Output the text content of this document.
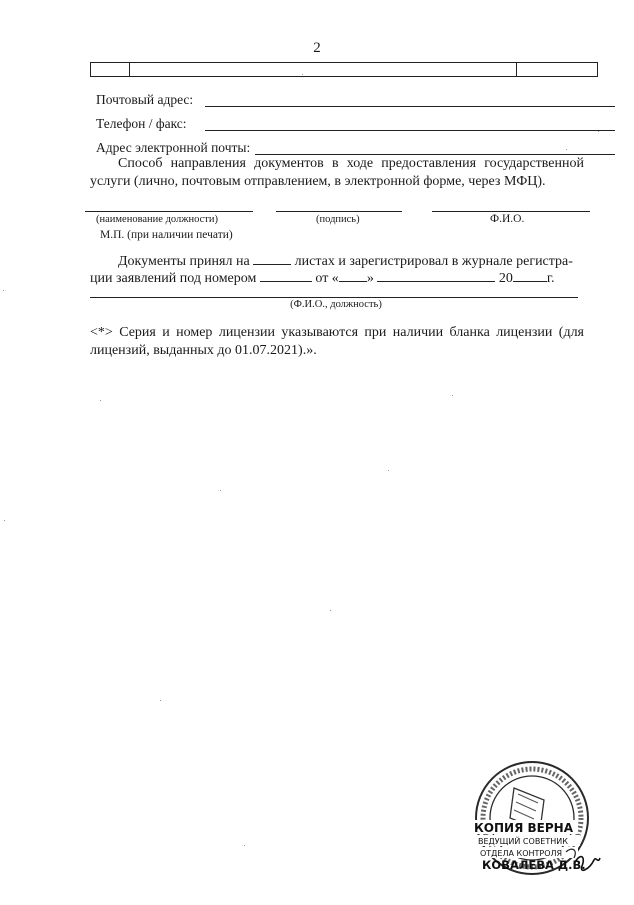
2
Почтовый адрес:
Телефон / факс:
Адрес электронной почты:
Способ направления документов в ходе предоставления государственной услуги (лично, почтовым отправлением, в электронной форме, через МФЦ).
(наименование должности)	(подпись)	Ф.И.О.
М.П. (при наличии печати)
Документы принял на	листах и зарегистрировал в журнале регистра-
ции заявлений под номером	от « »	20 г.
(Ф.И.О., должность)
<*> Серия и номер лицензии указываются при наличии бланка лицензии (для лицензий, выданных до 01.07.2021).».
КОПИЯ ВЕРНА
ВЕДУЩИЙ СОВЕТНИК
ОТДЕЛА КОНТРОЛЯ
КОВАЛЕВА Д.В.
